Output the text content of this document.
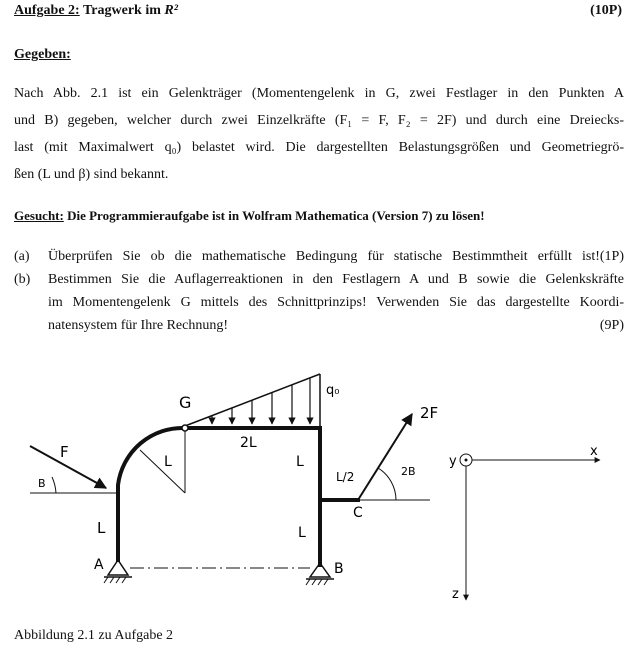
Aufgabe 2: Tragwerk im R²	(10P)
Gegeben:
Nach Abb. 2.1 ist ein Gelenkträger (Momentengelenk in G, zwei Festlager in den Punkten A
und B) gegeben, welcher durch zwei Einzelkräfte (F₁ = F, F₂ = 2F) und durch eine Dreiecks-
last (mit Maximalwert q₀) belastet wird. Die dargestellten Belastungsgrößen und Geometriegrö-
ßen (L und β) sind bekannt.
Gesucht: Die Programmieraufgabe ist in Wolfram Mathematica (Version 7) zu lösen!
(a) Überprüfen Sie ob die mathematische Bedingung für statische Bestimmtheit erfüllt ist!(1P)
(b) Bestimmen Sie die Auflagerreaktionen in den Festlagern A und B sowie die Gelenkskräfte
im Momentengelenk G mittels des Schnittprinzips! Verwenden Sie das dargestellte Koordi-
natensystem für Ihre Rechnung!	(9P)
G
F
B
L
L
2L
L
q₀
L/2
2F
2B
C
L
A	B
y
x
z
Abbildung 2.1 zu Aufgabe 2
